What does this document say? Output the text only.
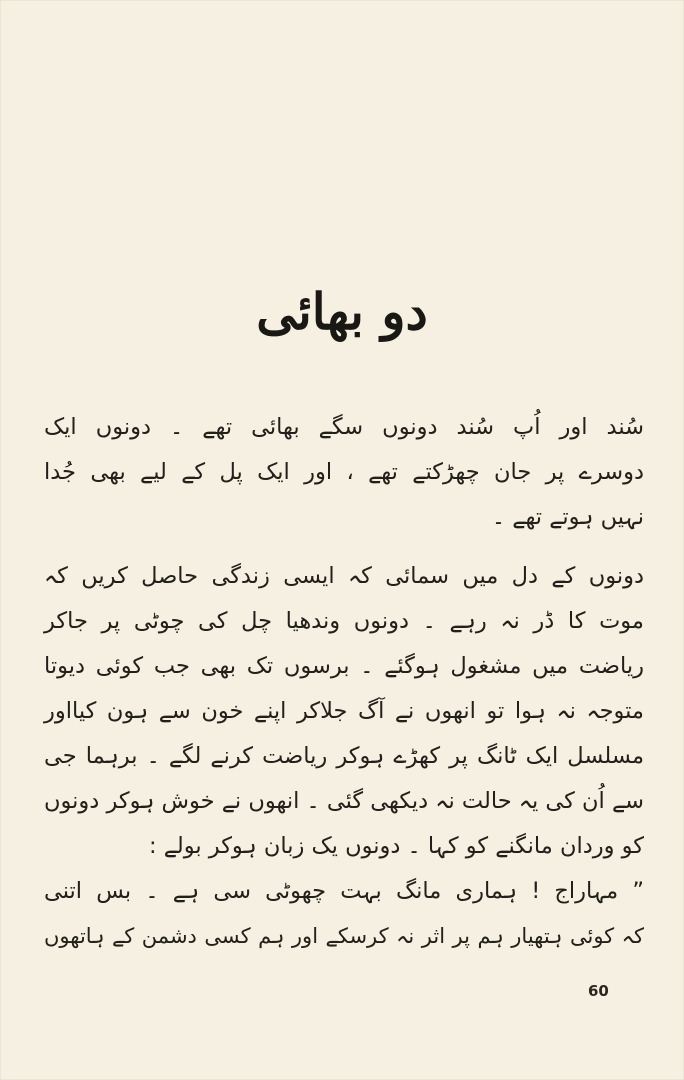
دو بھائی
سُند اور اُپ سُند دونوں سگے بھائی تھے ۔ دونوں ایک
دوسرے پر جان چھڑکتے تھے ، اور ایک پل کے لیے بھی جُدا
نہیں ہوتے تھے ۔
دونوں کے دل میں سمائی کہ ایسی زندگی حاصل کریں کہ
موت کا ڈر نہ رہے ۔ دونوں وندھیا چل کی چوٹی پر جاکر
ریاضت میں مشغول ہوگئے ۔ برسوں تک بھی جب کوئی دیوتا
متوجہ نہ ہوا تو انھوں نے آگ جلاکر اپنے خون سے ہون کیااور
مسلسل ایک ٹانگ پر کھڑے ہوکر ریاضت کرنے لگے ۔ برہما جی
سے اُن کی یہ حالت نہ دیکھی گئی ۔ انھوں نے خوش ہوکر دونوں
کو وردان مانگنے کو کہا ۔ دونوں یک زبان ہوکر بولے :
” مہاراج ! ہماری مانگ بہت چھوٹی سی ہے ۔ بس اتنی
کہ کوئی ہتھیار ہم پر اثر نہ کرسکے اور ہم کسی دشمن کے ہاتھوں
60
